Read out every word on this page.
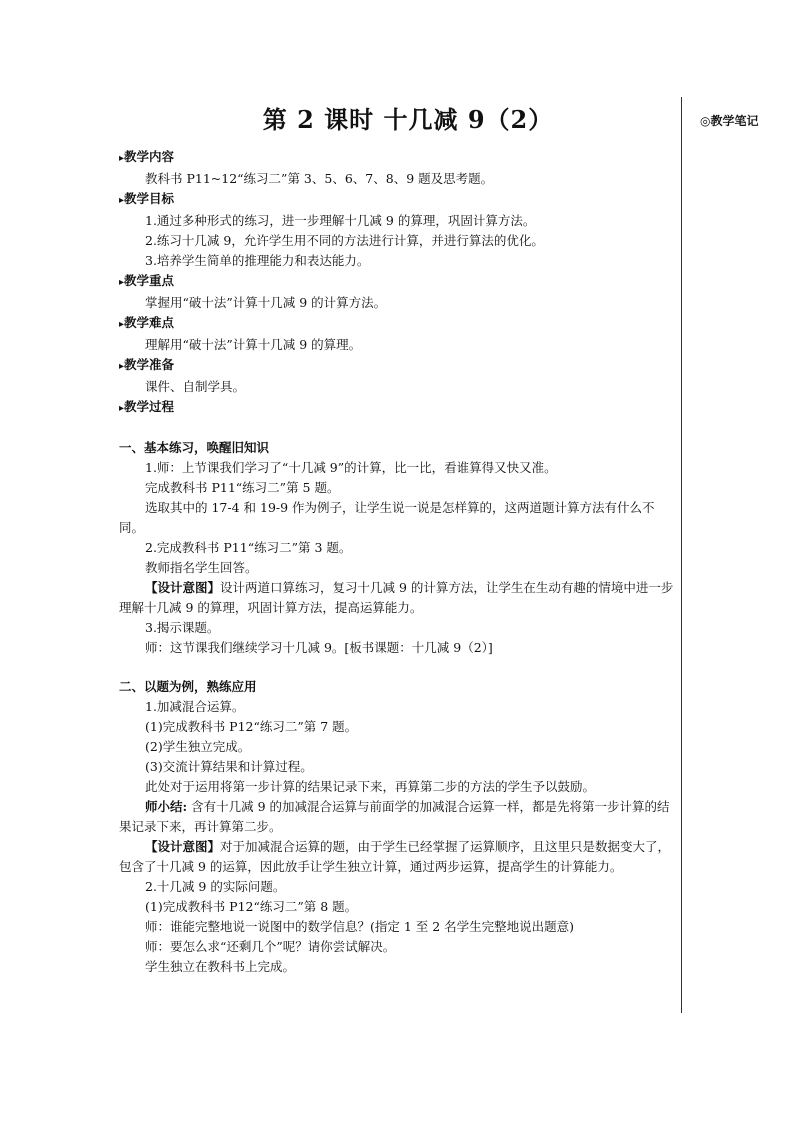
◎教学笔记
第 2 课时 十几减 9（2）

▸教学内容

教科书 P11~12“练习二”第 3、5、6、7、8、9 题及思考题。

▸教学目标

1.通过多种形式的练习，进一步理解十几减 9 的算理，巩固计算方法。

2.练习十几减 9，允许学生用不同的方法进行计算，并进行算法的优化。

3.培养学生简单的推理能力和表达能力。

▸教学重点

掌握用“破十法”计算十几减 9 的计算方法。

▸教学难点

理解用“破十法”计算十几减 9 的算理。

▸教学准备

课件、自制学具。

▸教学过程

一、基本练习，唤醒旧知识

1.师：上节课我们学习了“十几减 9”的计算，比一比，看谁算得又快又准。

完成教科书 P11“练习二”第 5 题。

选取其中的 17-4 和 19-9 作为例子，让学生说一说是怎样算的，这两道题计算方法有什么不同。

2.完成教科书 P11“练习二”第 3 题。

教师指名学生回答。

【设计意图】设计两道口算练习，复习十几减 9 的计算方法，让学生在生动有趣的情境中进一步理解十几减 9 的算理，巩固计算方法，提高运算能力。

3.揭示课题。

师：这节课我们继续学习十几减 9。[板书课题：十几减 9（2）]

二、以题为例，熟练应用

1.加减混合运算。

(1)完成教科书 P12“练习二”第 7 题。

(2)学生独立完成。

(3)交流计算结果和计算过程。

此处对于运用将第一步计算的结果记录下来，再算第二步的方法的学生予以鼓励。

师小结: 含有十几减 9 的加减混合运算与前面学的加减混合运算一样，都是先将第一步计算的结果记录下来，再计算第二步。

【设计意图】对于加减混合运算的题，由于学生已经掌握了运算顺序，且这里只是数据变大了，包含了十几减 9 的运算，因此放手让学生独立计算，通过两步运算，提高学生的计算能力。

2.十几减 9 的实际问题。

(1)完成教科书 P12“练习二”第 8 题。

师：谁能完整地说一说图中的数学信息？(指定 1 至 2 名学生完整地说出题意)

师：要怎么求“还剩几个”呢？请你尝试解决。

学生独立在教科书上完成。
